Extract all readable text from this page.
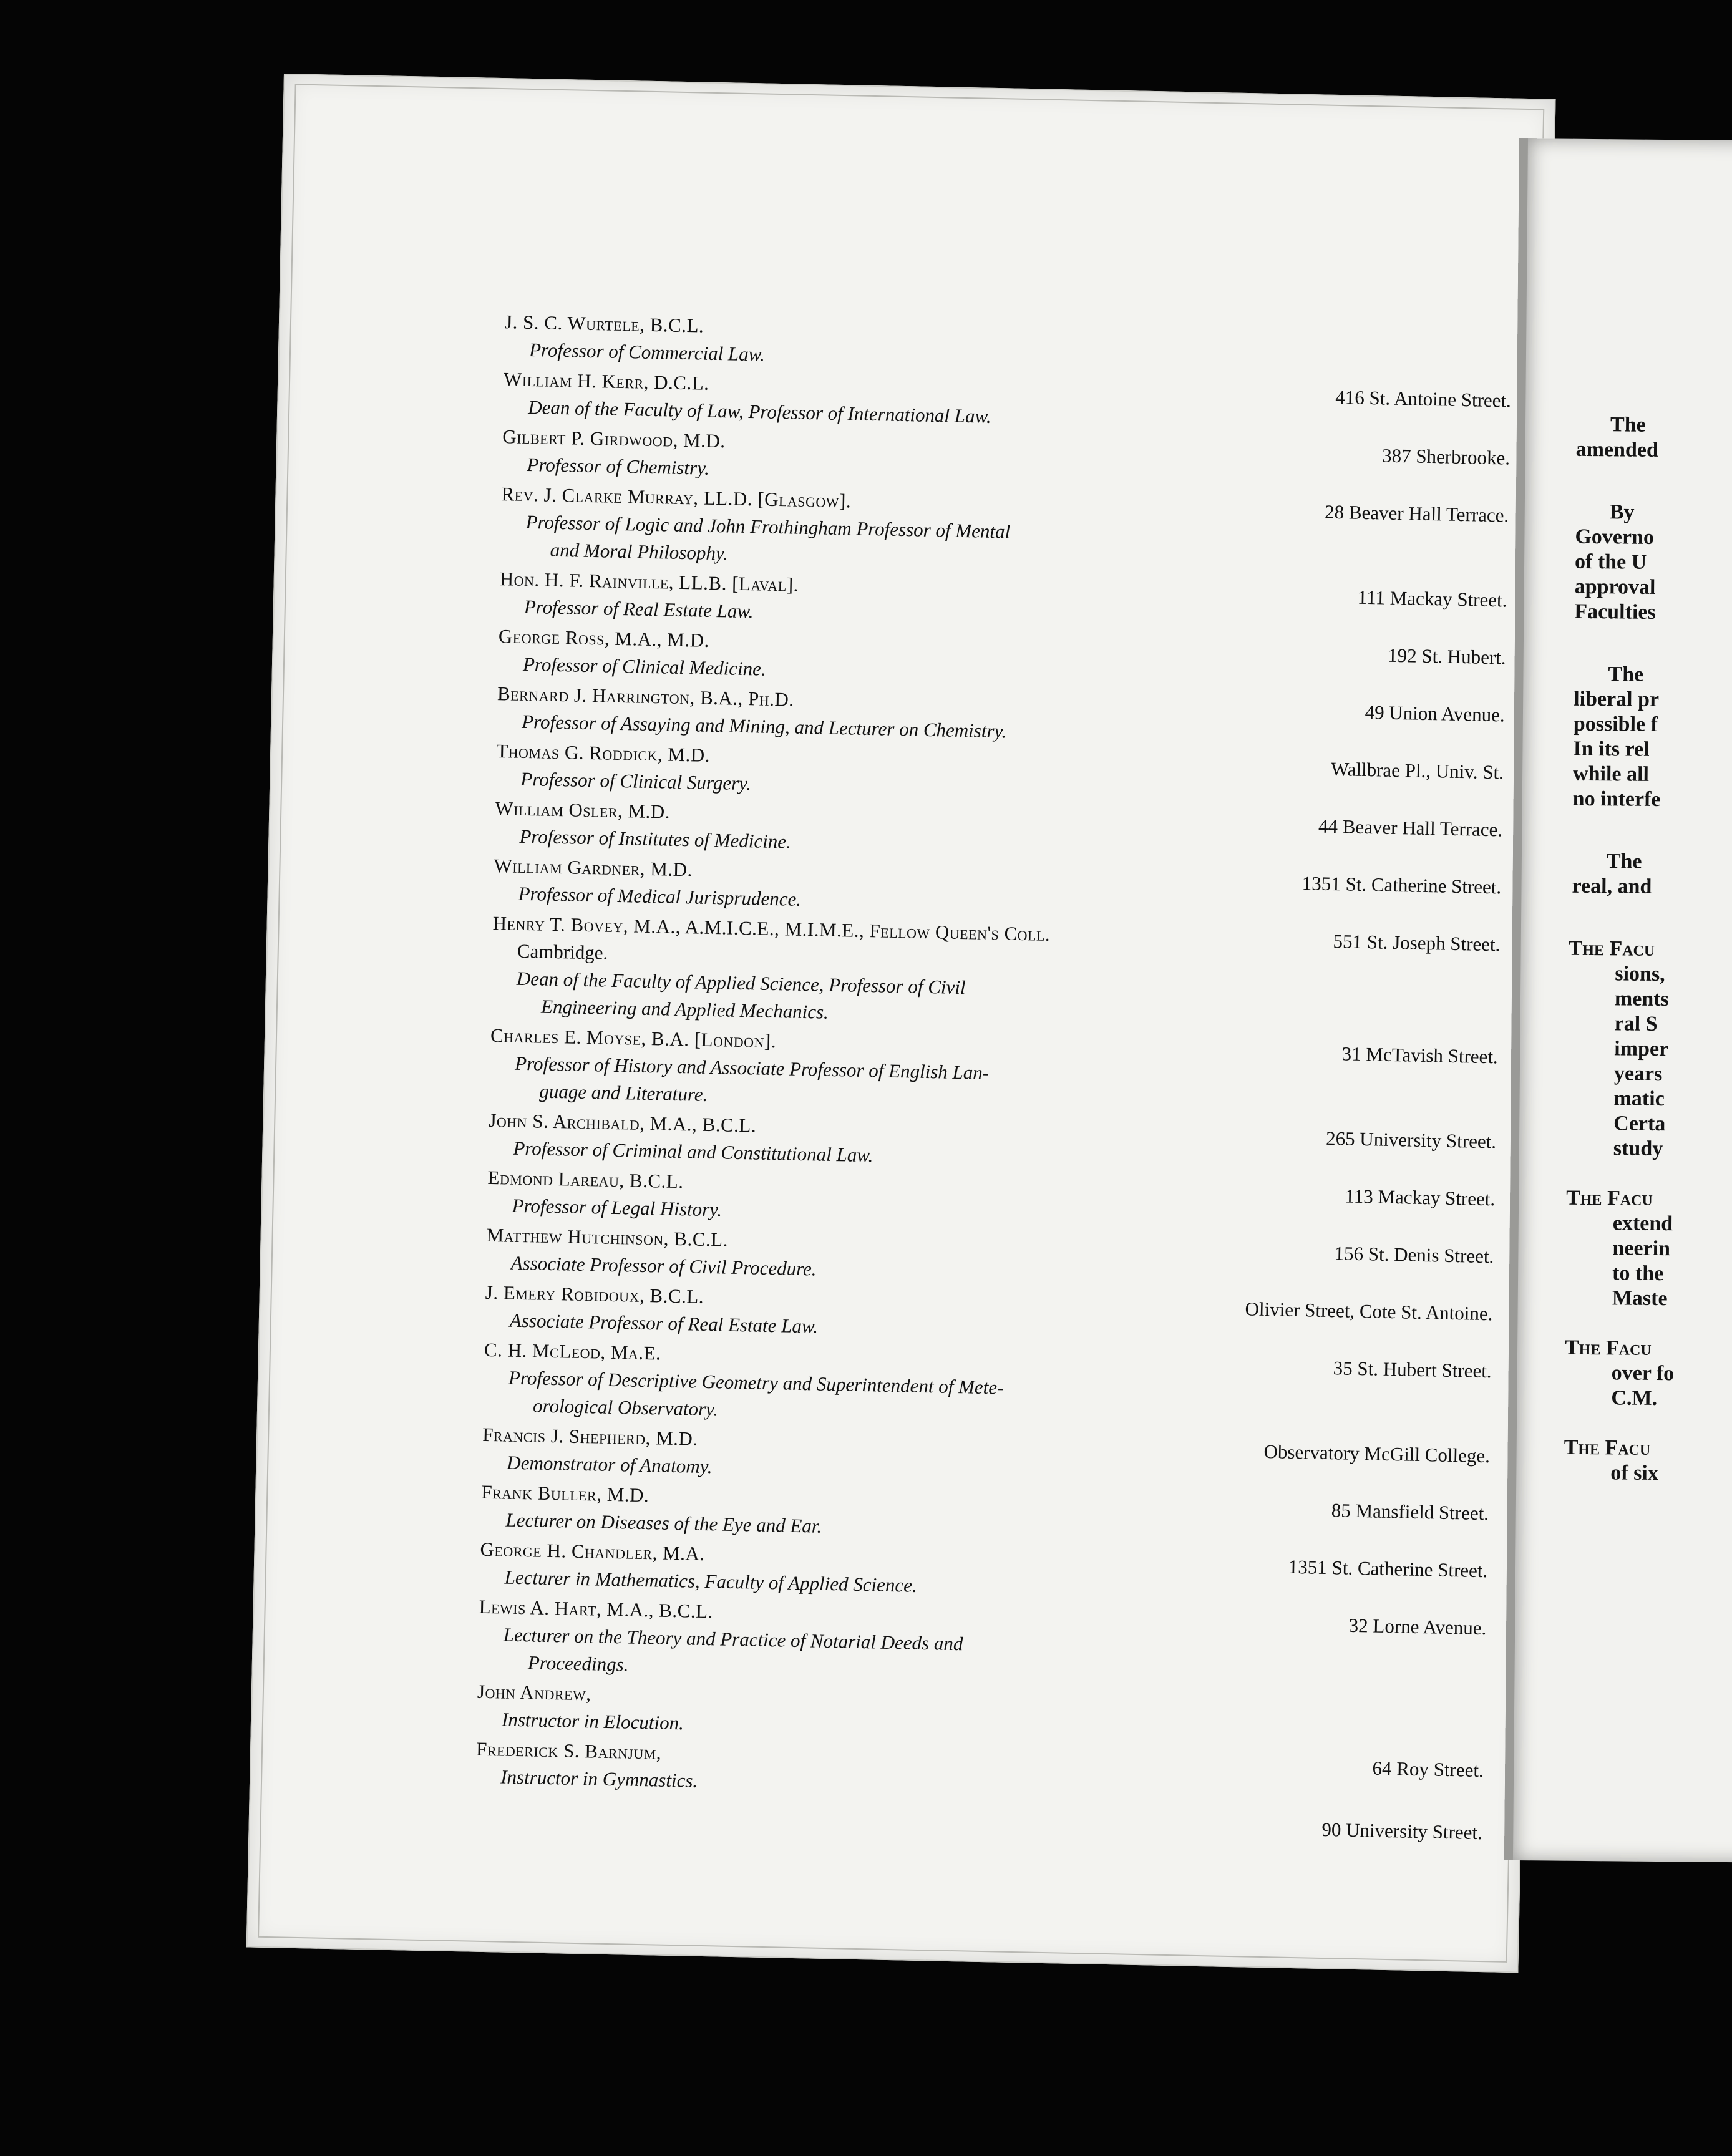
J. S. C. Wurtele, B.C.L.
Professor of Commercial Law.
William H. Kerr, D.C.L.
Dean of the Faculty of Law, Professor of International Law.
Gilbert P. Girdwood, M.D.
Professor of Chemistry.
Rev. J. Clarke Murray, LL.D. [Glasgow].
Professor of Logic and John Frothingham Professor of Mental
and Moral Philosophy.
Hon. H. F. Rainville, LL.B. [Laval].
Professor of Real Estate Law.
George Ross, M.A., M.D.
Professor of Clinical Medicine.
Bernard J. Harrington, B.A., Ph.D.
Professor of Assaying and Mining, and Lecturer on Chemistry.
Thomas G. Roddick, M.D.
Professor of Clinical Surgery.
William Osler, M.D.
Professor of Institutes of Medicine.
William Gardner, M.D.
Professor of Medical Jurisprudence.
Henry T. Bovey, M.A., A.M.I.C.E., M.I.M.E., Fellow Queen's Coll.
Cambridge.
Dean of the Faculty of Applied Science, Professor of Civil
Engineering and Applied Mechanics.
Charles E. Moyse, B.A. [London].
Professor of History and Associate Professor of English Lan-
guage and Literature.
John S. Archibald, M.A., B.C.L.
Professor of Criminal and Constitutional Law.
Edmond Lareau, B.C.L.
Professor of Legal History.
Matthew Hutchinson, B.C.L.
Associate Professor of Civil Procedure.
J. Emery Robidoux, B.C.L.
Associate Professor of Real Estate Law.
C. H. McLeod, Ma.E.
Professor of Descriptive Geometry and Superintendent of Mete-
orological Observatory.
Francis J. Shepherd, M.D.
Demonstrator of Anatomy.
Frank Buller, M.D.
Lecturer on Diseases of the Eye and Ear.
George H. Chandler, M.A.
Lecturer in Mathematics, Faculty of Applied Science.
Lewis A. Hart, M.A., B.C.L.
Lecturer on the Theory and Practice of Notarial Deeds and
Proceedings.
John Andrew,
Instructor in Elocution.
Frederick S. Barnjum,
Instructor in Gymnastics.
416 St. Antoine Street.
387 Sherbrooke.
28 Beaver Hall Terrace.
111 Mackay Street.
192 St. Hubert.
49 Union Avenue.
Wallbrae Pl., Univ. St.
44 Beaver Hall Terrace.
1351 St. Catherine Street.
551 St. Joseph Street.
31 McTavish Street.
265 University Street.
113 Mackay Street.
156 St. Denis Street.
Olivier Street, Cote St. Antoine.
35 St. Hubert Street.
Observatory McGill College.
85 Mansfield Street.
1351 St. Catherine Street.
32 Lorne Avenue.
64 Roy Street.
90 University Street.
The
amended
By
Governo
of the U
approval
Faculties
The
liberal pr
possible f
In its rel
while all
no interfe
The
real, and
The Facu
sions,
ments
ral S
imper
years
matic
Certa
study
The Facu
extend
neerin
to the
Maste
The Facu
over fo
C.M.
The Facu
of six
